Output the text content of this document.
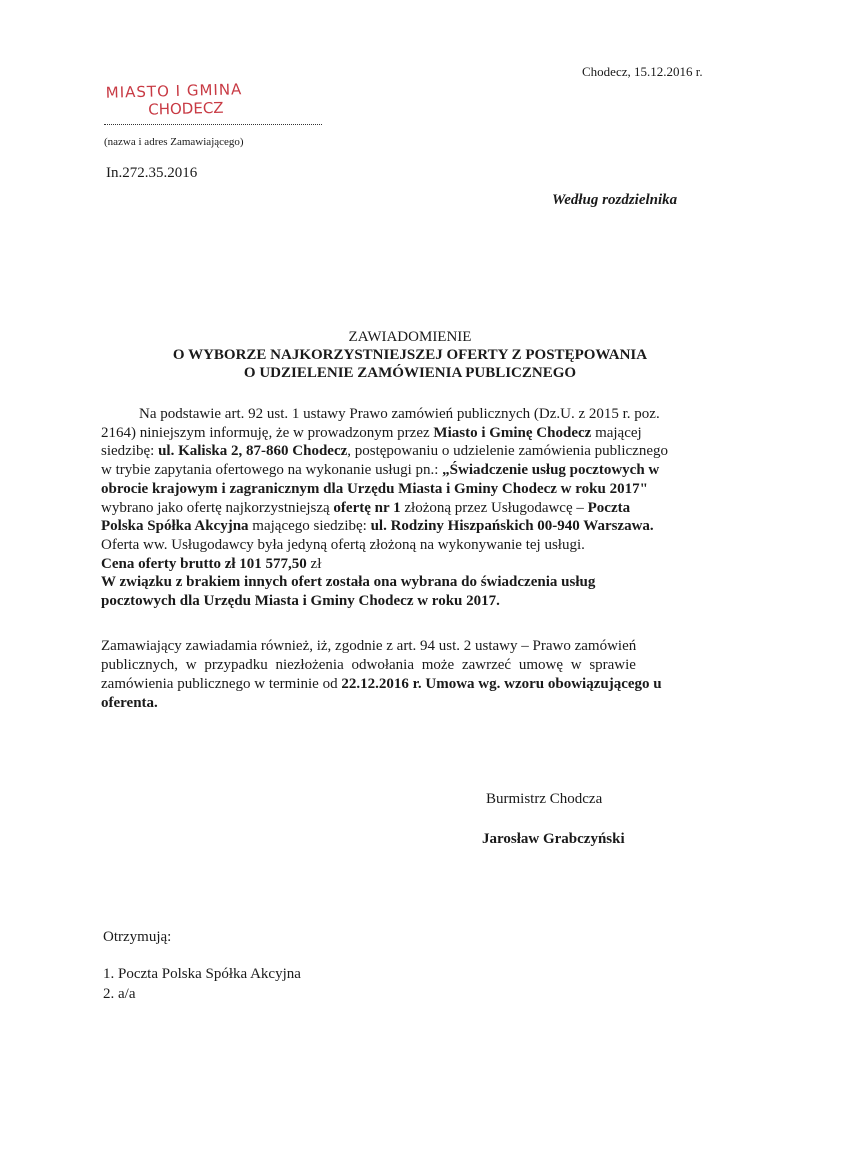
Chodecz, 15.12.2016 r.
MIASTO I GMINA
CHODECZ
(nazwa i adres Zamawiającego)
In.272.35.2016
Według rozdzielnika
ZAWIADOMIENIE
O WYBORZE NAJKORZYSTNIEJSZEJ OFERTY Z POSTĘPOWANIA
O UDZIELENIE ZAMÓWIENIA PUBLICZNEGO
Na podstawie art. 92 ust. 1 ustawy Prawo zamówień publicznych (Dz.U. z 2015 r. poz.
2164) niniejszym informuję, że w prowadzonym przez Miasto i Gminę Chodecz mającej
siedzibę: ul. Kaliska 2, 87-860 Chodecz, postępowaniu o udzielenie zamówienia publicznego
w trybie zapytania ofertowego na wykonanie usługi pn.: „Świadczenie usług pocztowych w
obrocie krajowym i zagranicznym dla Urzędu Miasta i Gminy Chodecz w roku 2017"
wybrano jako ofertę najkorzystniejszą ofertę nr 1 złożoną przez Usługodawcę – Poczta
Polska Spółka Akcyjna mającego siedzibę: ul. Rodziny Hiszpańskich 00-940 Warszawa.
Oferta ww. Usługodawcy była jedyną ofertą złożoną na wykonywanie tej usługi.
Cena oferty brutto zł 101 577,50 zł
W związku z brakiem innych ofert została ona wybrana do świadczenia usług
pocztowych dla Urzędu Miasta i Gminy Chodecz w roku 2017.
Zamawiający zawiadamia również, iż, zgodnie z art. 94 ust. 2 ustawy – Prawo zamówień
publicznych, w przypadku niezłożenia odwołania może zawrzeć umowę w sprawie
zamówienia publicznego w terminie od 22.12.2016 r. Umowa wg. wzoru obowiązującego u
oferenta.
Burmistrz Chodcza
Jarosław Grabczyński
Otrzymują:
1. Poczta Polska Spółka Akcyjna
2. a/a
